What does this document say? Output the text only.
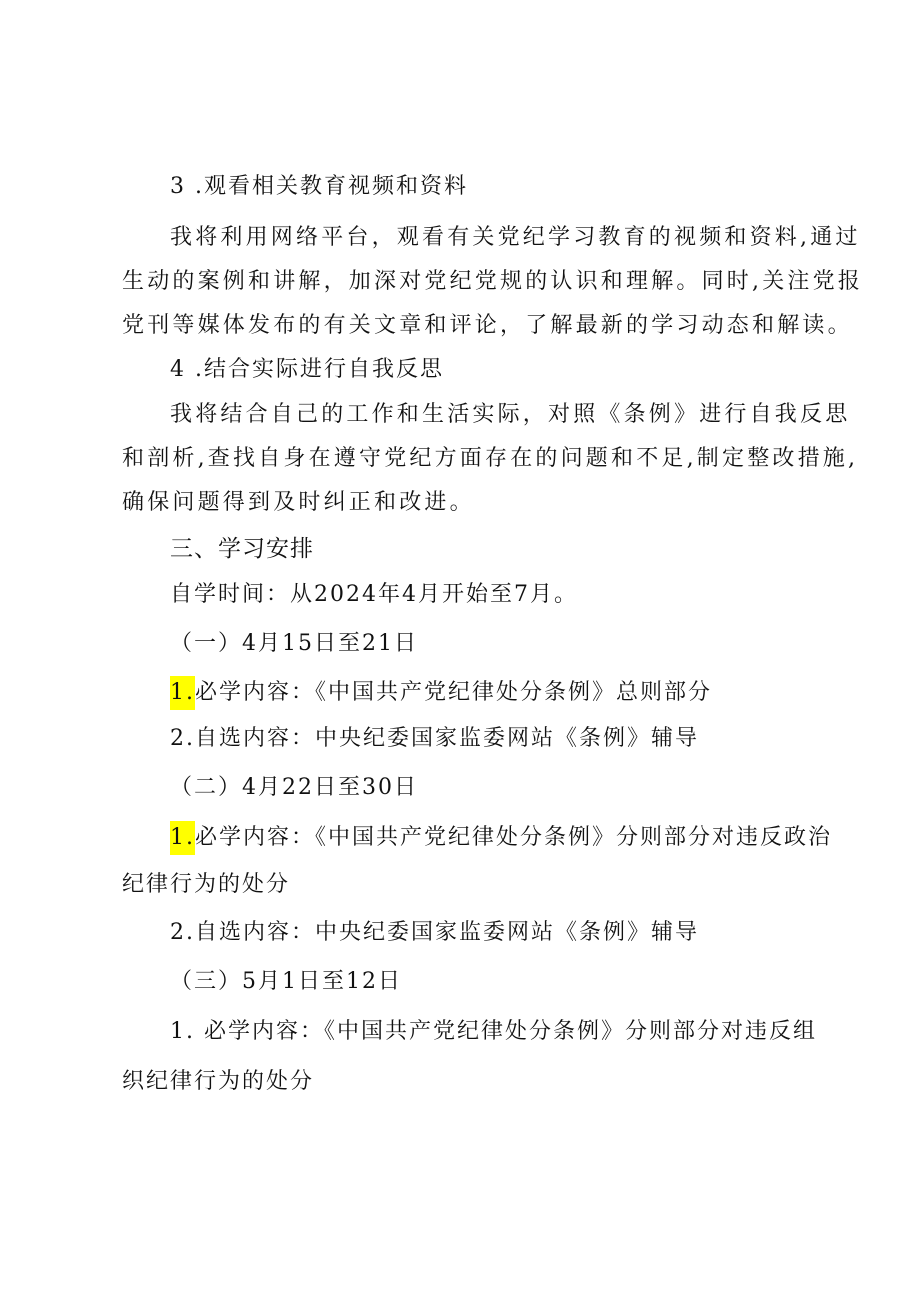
3 .观看相关教育视频和资料
我将利用网络平台，观看有关党纪学习教育的视频和资料,通过
生动的案例和讲解，加深对党纪党规的认识和理解。同时,关注党报
党刊等媒体发布的有关文章和评论，了解最新的学习动态和解读。
4 .结合实际进行自我反思
我将结合自己的工作和生活实际，对照《条例》进行自我反思
和剖析,查找自身在遵守党纪方面存在的问题和不足,制定整改措施,
确保问题得到及时纠正和改进。
三、学习安排
自学时间：从2024年4月开始至7月。
（一）4月15日至21日
1.必学内容：《中国共产党纪律处分条例》总则部分
2.自选内容：中央纪委国家监委网站《条例》辅导
（二）4月22日至30日
1.必学内容：《中国共产党纪律处分条例》分则部分对违反政治
纪律行为的处分
2.自选内容：中央纪委国家监委网站《条例》辅导
（三）5月1日至12日
1. 必学内容：《中国共产党纪律处分条例》分则部分对违反组
织纪律行为的处分
